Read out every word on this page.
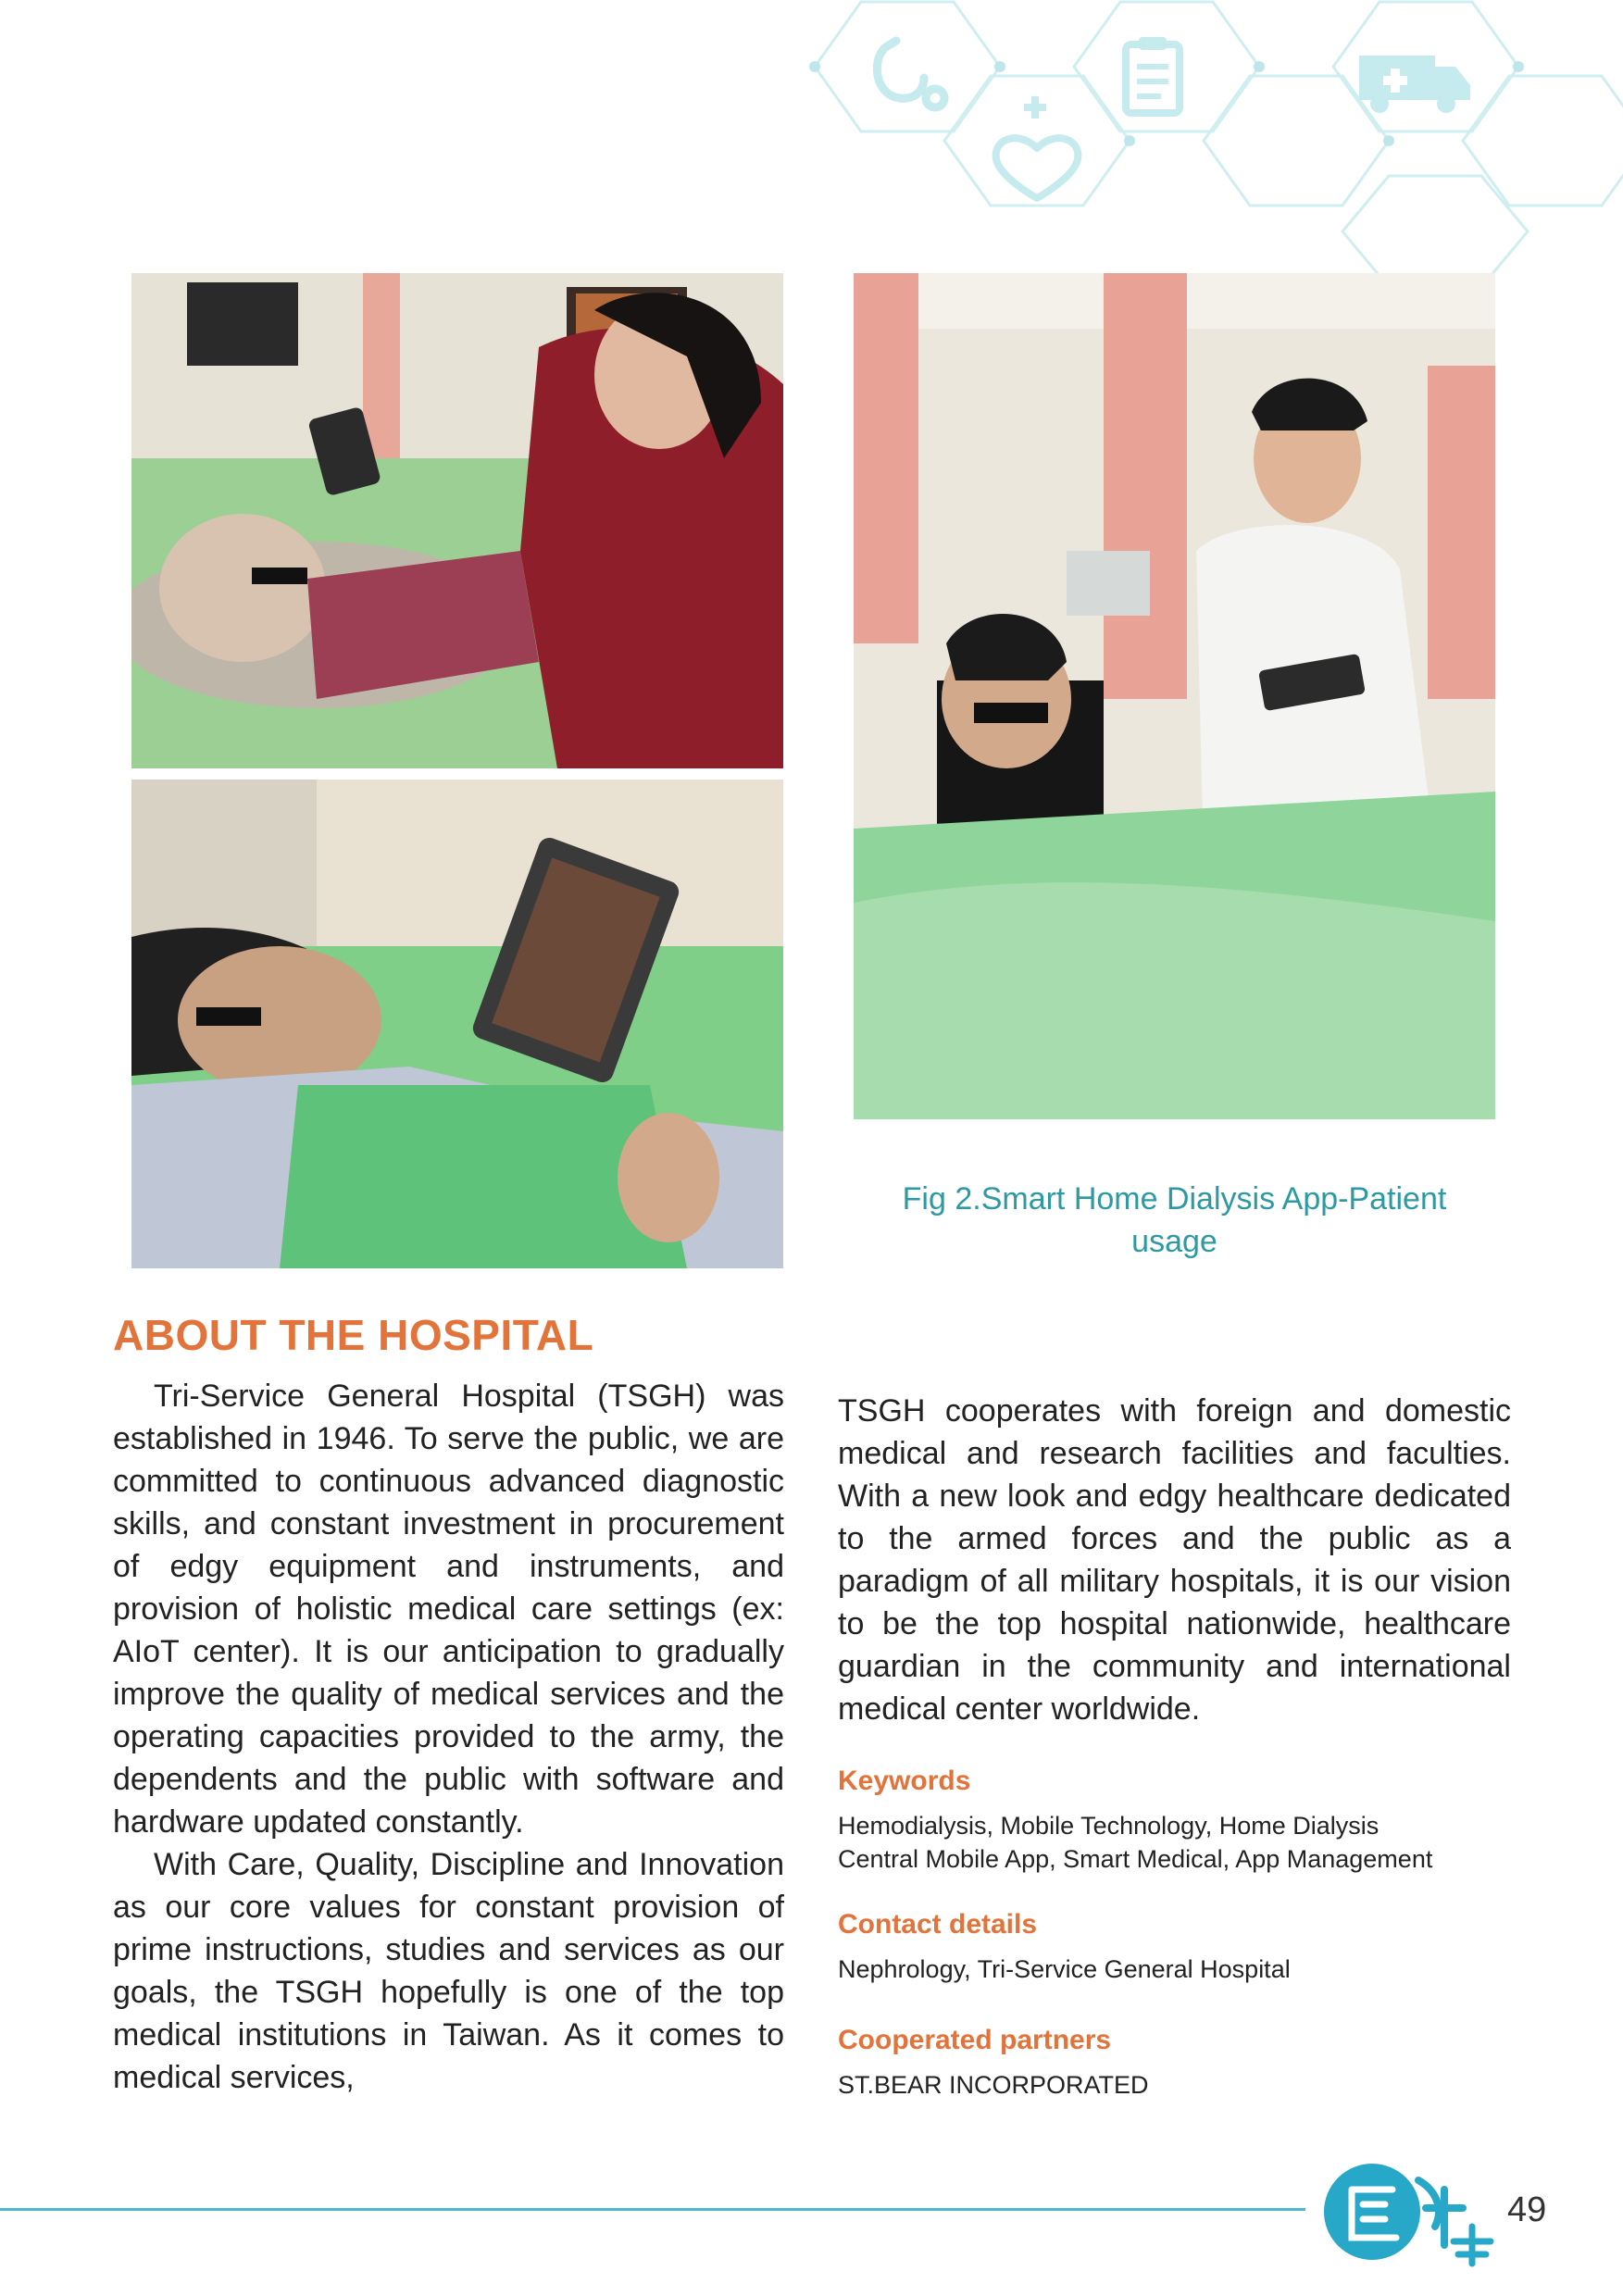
Fig 2.Smart Home Dialysis App-Patient
usage
ABOUT THE HOSPITAL

Tri-Service General Hospital (TSGH) was established in 1946. To serve the public, we are committed to continuous advanced diagnostic skills, and constant investment in procurement of edgy equipment and instruments, and provision of holistic medical care settings (ex: AIoT center). It is our anticipation to gradually improve the quality of medical services and the operating capacities provided to the army, the dependents and the public with software and hardware updated constantly.

With Care, Quality, Discipline and Innovation as our core values for constant provision of prime instructions, studies and services as our goals, the TSGH hopefully is one of the top medical institutions in Taiwan. As it comes to medical services,

TSGH cooperates with foreign and domestic medical and research facilities and faculties. With a new look and edgy healthcare dedicated to the armed forces and the public as a paradigm of all military hospitals, it is our vision to be the top hospital nationwide, healthcare guardian in the community and international medical center worldwide.

Keywords
Hemodialysis, Mobile Technology, Home Dialysis
Central Mobile App, Smart Medical, App Management
Contact details
Nephrology, Tri-Service General Hospital
Cooperated partners
ST.BEAR INCORPORATED
49
